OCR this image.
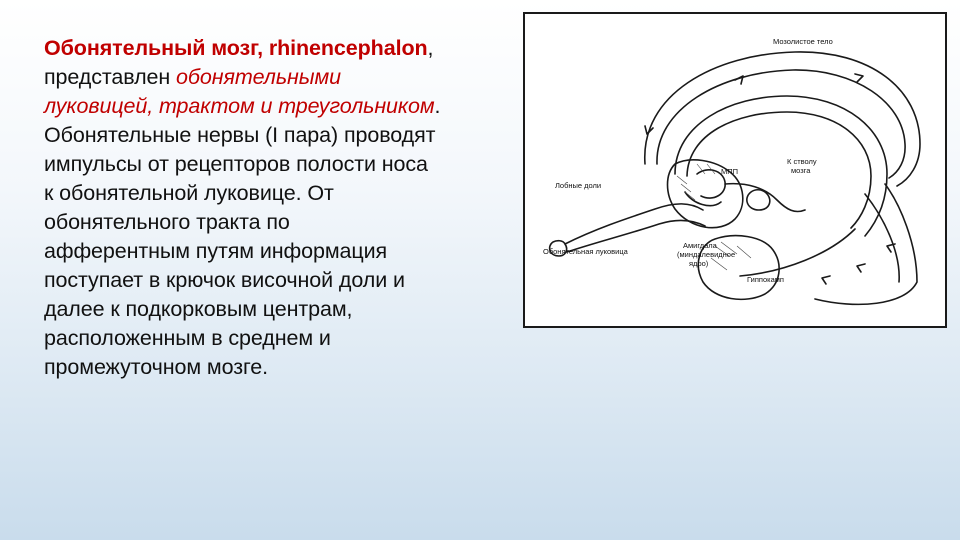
Обонятельный мозг, rhinencephalon,
представлен обонятельными
луковицей, трактом и треугольником.
Обонятельные нервы (I пара) проводят
импульсы от рецепторов полости носа
к обонятельной луковице. От
обонятельного тракта по
афферентным путям информация
поступает в крючок височной доли и
далее к подкорковым центрам,
расположенным в среднем и
промежуточном мозге.
Мозолистое тело
МПП
К стволу
мозга
Лобные доли
Обонятельная луковица
Амигдала
(миндалевидное
ядро)
Гиппокамп
